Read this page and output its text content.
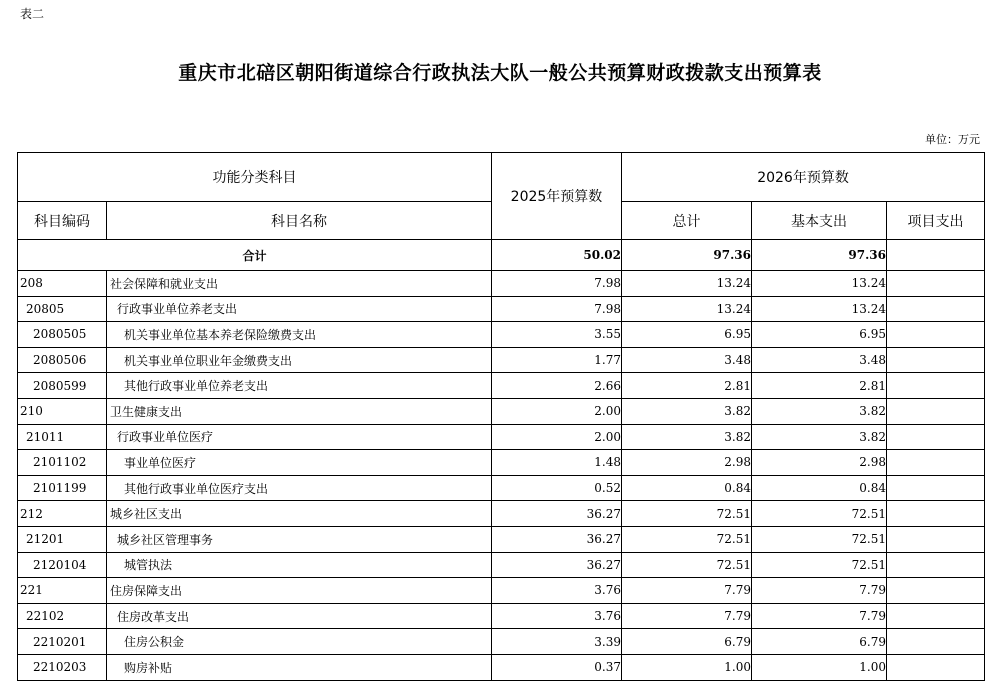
表二
重庆市北碚区朝阳街道综合行政执法大队一般公共预算财政拨款支出预算表
单位：万元
功能分类科目		2025年预算数	2026年预算数		
科目编码	科目名称		总计	基本支出	项目支出
合计		50.02	97.36	97.36	
208	社会保障和就业支出	7.98	13.24	13.24	
20805	行政事业单位养老支出	7.98	13.24	13.24	
2080505	机关事业单位基本养老保险缴费支出	3.55	6.95	6.95	
2080506	机关事业单位职业年金缴费支出	1.77	3.48	3.48	
2080599	其他行政事业单位养老支出	2.66	2.81	2.81	
210	卫生健康支出	2.00	3.82	3.82	
21011	行政事业单位医疗	2.00	3.82	3.82	
2101102	事业单位医疗	1.48	2.98	2.98	
2101199	其他行政事业单位医疗支出	0.52	0.84	0.84	
212	城乡社区支出	36.27	72.51	72.51	
21201	城乡社区管理事务	36.27	72.51	72.51	
2120104	城管执法	36.27	72.51	72.51	
221	住房保障支出	3.76	7.79	7.79	
22102	住房改革支出	3.76	7.79	7.79	
2210201	住房公积金	3.39	6.79	6.79	
2210203	购房补贴	0.37	1.00	1.00	
